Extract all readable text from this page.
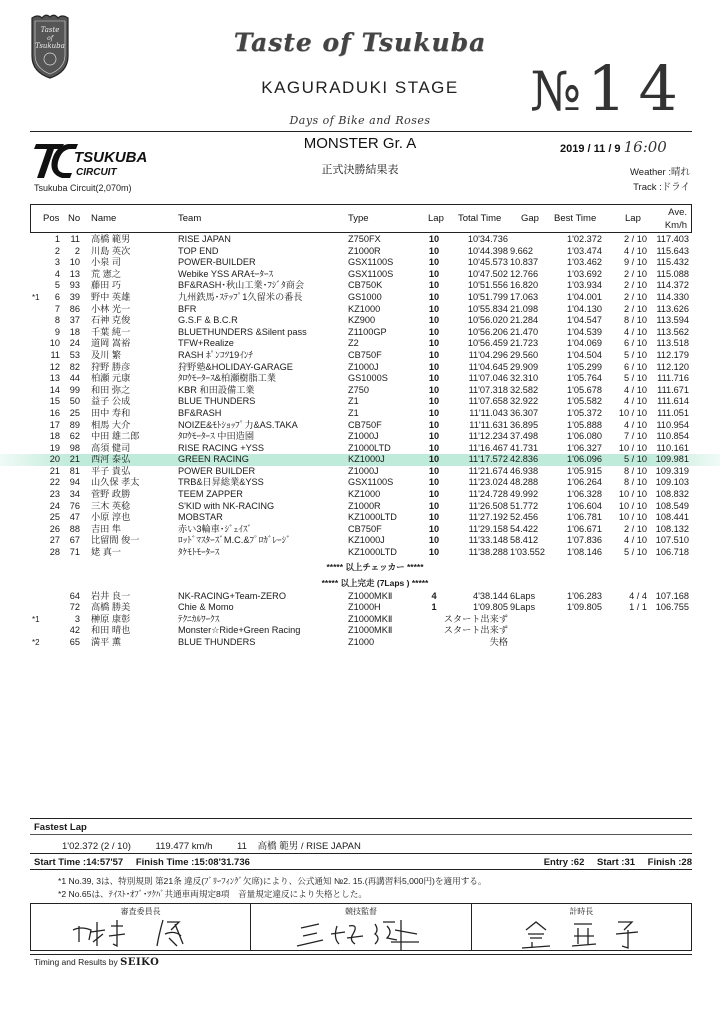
Taste
of
Tsukuba	Taste of Tsukuba
KAGURADUKI STAGE
Days of Bike and Roses	№ 14
TSUKUBA
CIRCUIT
Tsukuba Circuit(2,070m)
MONSTER Gr. A
正式決勝結果表
2019 / 11 / 9 16:00
Weather :晴れ
Track :ドライ
Pos No Name	Team	Type	Lap Total Time Gap Best Time	Lap
Ave.
Km/h
1	11 高橋 範男	RISE JAPAN	Z750FX	10	10'34.736	1'02.372	2 / 10	117.403
2	2 川島 英次	TOP END	Z1000R	10	10'44.398 9.662	1'03.474	4 / 10	115.643
3	10 小泉 司	POWER-BUILDER	GSX1100S	10	10'45.573 10.837	1'03.462	9 / 10	115.432
4	13 荒 憲之	Webike YSS ARAﾓｰﾀｰｽ	GSX1100S	10	10'47.502 12.766	1'03.692	2 / 10	115.088
5	93 藤田 巧	BF&RASH･秋山工業･ﾌｼﾞﾀ商会	CB750K	10	10'51.556 16.820	1'03.934	2 / 10	114.372
*1	6	39 野中 英雄	九州鉄馬･ｽﾃｯﾌﾟ1久留米の番長	GS1000	10	10'51.799 17.063	1'04.001	2 / 10	114.330
7	86 小林 光一	BFR	KZ1000	10	10'55.834 21.098	1'04.130	2 / 10	113.626
8	37 石神 克俊	G.S.F & B.C.R	KZ900	10	10'56.020 21.284	1'04.547	8 / 10	113.594
9	18 千葉 純一	BLUETHUNDERS &Silent pass	Z1100GP	10	10'56.206 21.470	1'04.539	4 / 10	113.562
10	24 道岡 嵩裕	TFW+Realize	Z2	10	10'56.459 21.723	1'04.069	6 / 10	113.518
11	53 及川 繁	RASH ﾎﾟﾝｺﾂ19ｲﾝﾁ	CB750F	10	11'04.296 29.560	1'04.504	5 / 10	112.179
12	82 狩野 勝彦	狩野塾&HOLIDAY-GARAGE	Z1000J	10	11'04.645 29.909	1'05.299	6 / 10	112.120
13	44 柏瀬 元康	ﾀﾛｳﾓｰﾀｰｽ&柏瀬樹脂工業	GS1000S	10	11'07.046 32.310	1'05.764	5 / 10	111.716
14	99 和田 弥之	KBR 和田設備工業	Z750	10	11'07.318 32.582	1'05.678	4 / 10	111.671
15	50 益子 公成	BLUE THUNDERS	Z1	10	11'07.658 32.922	1'05.582	4 / 10	111.614
16	25 田中 寿和	BF&RASH	Z1	10	11'11.043 36.307	1'05.372	10 / 10	111.051
17	89 相馬 大介	NOIZE&ﾓﾄｼｮｯﾌﾟ力&AS.TAKA	CB750F	10	11'11.631 36.895	1'05.888	4 / 10	110.954
18	62 中田 雄二郎	ﾀﾛｳﾓｰﾀｰｽ 中田造園	Z1000J	10	11'12.234 37.498	1'06.080	7 / 10	110.854
19	98 高須 健司	RISE RACING +YSS	Z1000LTD	10	11'16.467 41.731	1'06.327	10 / 10	110.161
20	21 西河 泰弘	GREEN RACING	KZ1000J	10	11'17.572 42.836	1'06.096	5 / 10 109.981
21	81 平子 貴弘	POWER BUILDER	Z1000J	10	11'21.674 46.938	1'05.915	8 / 10 109.319
22	94 山久保 孝太	TRB&日昇総業&YSS	GSX1100S	10	11'23.024 48.288	1'06.264	8 / 10 109.103
23	34 菅野 政勝	TEEM ZAPPER	KZ1000	10	11'24.728 49.992	1'06.328	10 / 10 108.832
24	76 三木 英稔	S'KID with NK-RACING	Z1000R	10	11'26.508 51.772	1'06.604	10 / 10 108.549
25	47 小原 淳也	MOBSTAR	KZ1000LTD	10	11'27.192 52.456	1'06.781	10 / 10 108.441
26	88 吉田 隼	赤い3輪車･ｼﾞｪｲｽﾞ	CB750F	10	11'29.158 54.422	1'06.671	2 / 10 108.132
27	67 比留間 俊一	ﾛｯﾄﾞﾏｽﾀｰｽﾞM.C.&ﾌﾟﾛｶﾞﾚｰｼﾞ	KZ1000J	10	11'33.148 58.412	1'07.836	4 / 10 107.510
28	71 姥 真一	ﾀｹﾓﾄﾓｰﾀｰｽ	KZ1000LTD	10	11'38.288 1'03.552	1'08.146	5 / 10 106.718
***** 以上チェッカー *****
***** 以上完走 (7Laps ) *****
64 岩井 良一	NK-RACING+Team-ZERO	Z1000MKⅡ	4	4'38.144 6Laps	1'06.283	4 / 4 107.168
72 高橋 勝美	Chie & Momo	Z1000H	1	1'09.805 9Laps	1'09.805	1 / 1 106.755
*1	3 榊原 康彰	ﾃｸﾆｶﾙﾜｰｸｽ	Z1000MKⅡ	スタート出来ず
42 和田 晴也	Monster☆Ride+Green Racing	Z1000MKⅡ	スタート出来ず
*2	65 満平 薫	BLUE THUNDERS	Z1000	失格
Fastest Lap
1'02.372 (2 / 10)	119.477 km/h	11 高橋 範男 / RISE JAPAN
Start Time :14:57'57 Finish Time :15:08'31.736	Entry :62 Start :31 Finish :28
*1 No.39, 3は、特別規則 第21条 違反(ﾌﾞﾘｰﾌｨﾝｸﾞ欠席)により、公式通知 №2. 15.(再講習料5,000円)を適用する。
*2 No.65は、ﾃｲｽﾄ･ｵﾌﾞ･ﾂｸﾊﾞ共通車両規定8項　音量規定違反により失格とした。
審査委員長	競技監督	計時長
Timing and Results by SEIKO
